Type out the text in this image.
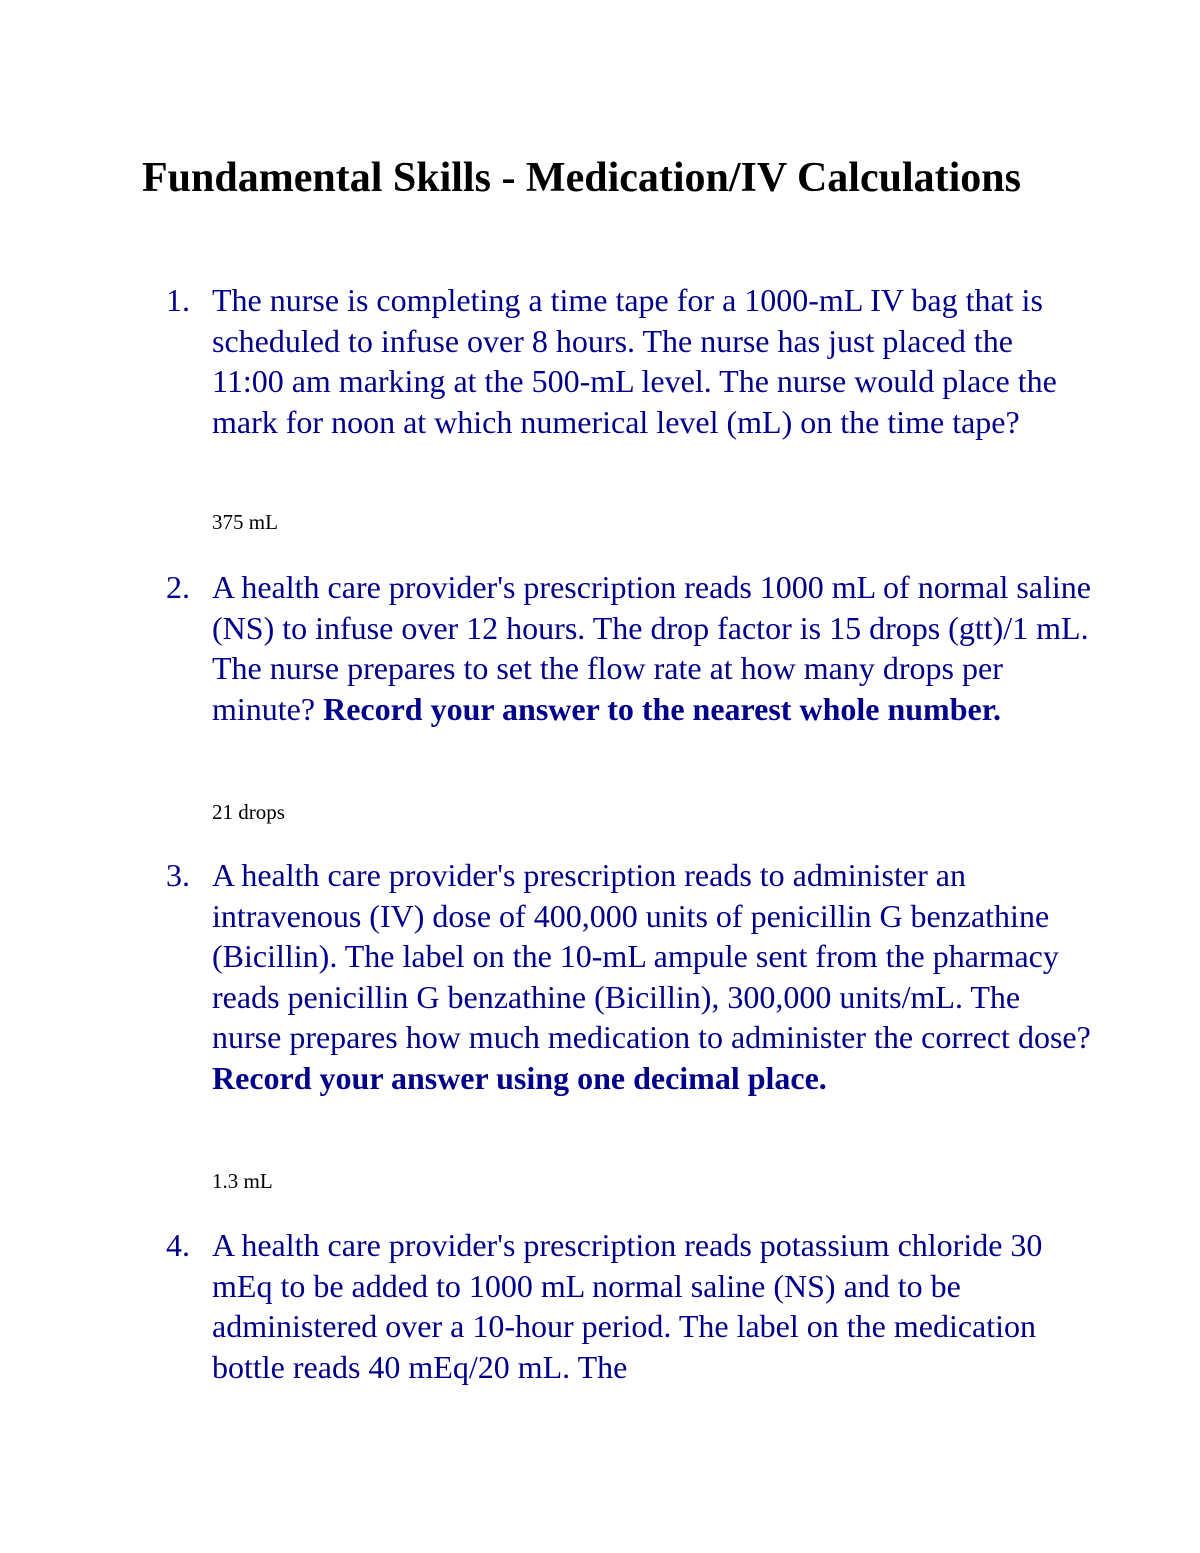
Fundamental Skills - Medication/IV Calculations

1. The nurse is completing a time tape for a 1000-mL IV bag that is scheduled to infuse over 8 hours. The nurse has just placed the 11:00 am marking at the 500-mL level. The nurse would place the mark for noon at which numerical level (mL) on the time tape?

375 mL

2. A health care provider's prescription reads 1000 mL of normal saline (NS) to infuse over 12 hours. The drop factor is 15 drops (gtt)/1 mL. The nurse prepares to set the flow rate at how many drops per minute? Record your answer to the nearest whole number.

21 drops

3. A health care provider's prescription reads to administer an intravenous (IV) dose of 400,000 units of penicillin G benzathine (Bicillin). The label on the 10-mL ampule sent from the pharmacy reads penicillin G benzathine (Bicillin), 300,000 units/mL. The nurse prepares how much medication to administer the correct dose? Record your answer using one decimal place.

1.3 mL

4. A health care provider's prescription reads potassium chloride 30 mEq to be added to 1000 mL normal saline (NS) and to be administered over a 10-hour period. The label on the medication bottle reads 40 mEq/20 mL. The
